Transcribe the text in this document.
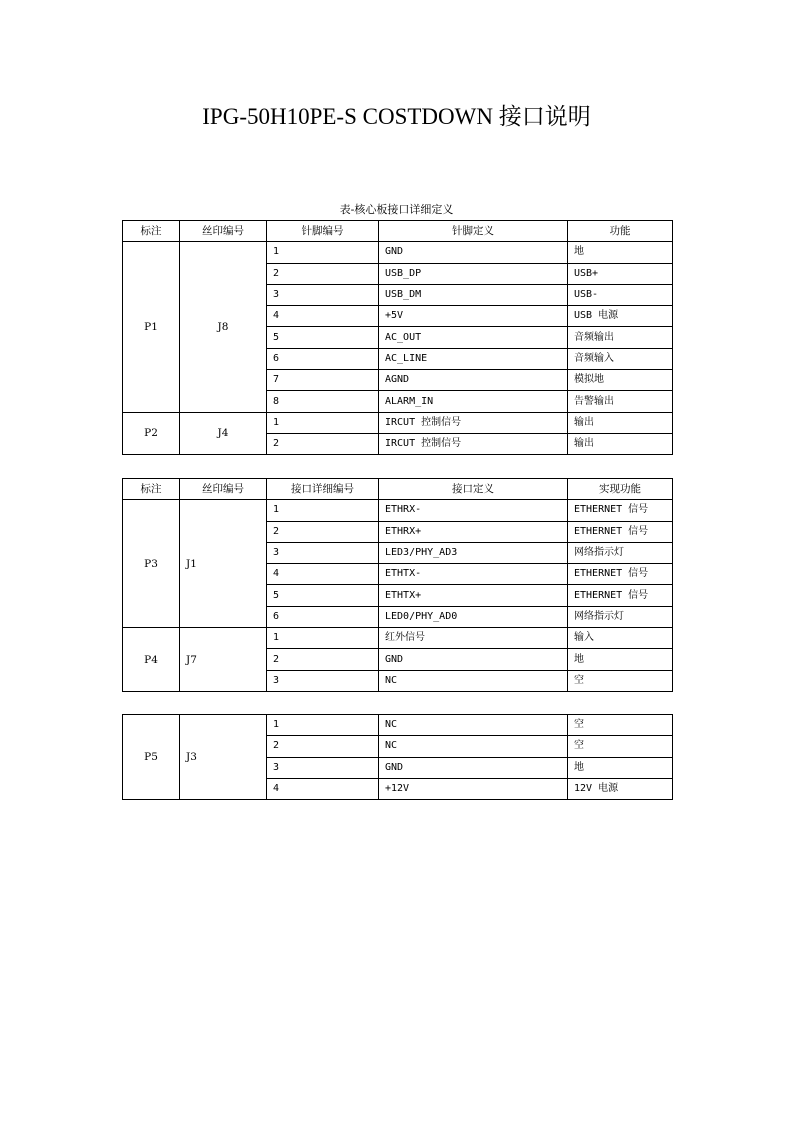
IPG-50H10PE-S COSTDOWN 接口说明
表-核心板接口详细定义
标注	丝印编号	针脚编号	针脚定义	功能
P1	J8	1	GND	地
		2	USB_DP	USB+
		3	USB_DM	USB-
		4	+5V	USB 电源
		5	AC_OUT	音频输出
		6	AC_LINE	音频输入
		7	AGND	模拟地
		8	ALARM_IN	告警输出
P2	J4	1	IRCUT 控制信号	输出
		2	IRCUT 控制信号	输出
标注	丝印编号	接口详细编号	接口定义	实现功能
P3	J1	1	ETHRX-	ETHERNET 信号
		2	ETHRX+	ETHERNET 信号
		3	LED3/PHY_AD3	网络指示灯
		4	ETHTX-	ETHERNET 信号
		5	ETHTX+	ETHERNET 信号
		6	LED0/PHY_AD0	网络指示灯
P4	J7	1	红外信号	输入
		2	GND	地
		3	NC	空
P5	J3	1	NC	空
		2	NC	空
		3	GND	地
		4	+12V	12V 电源
